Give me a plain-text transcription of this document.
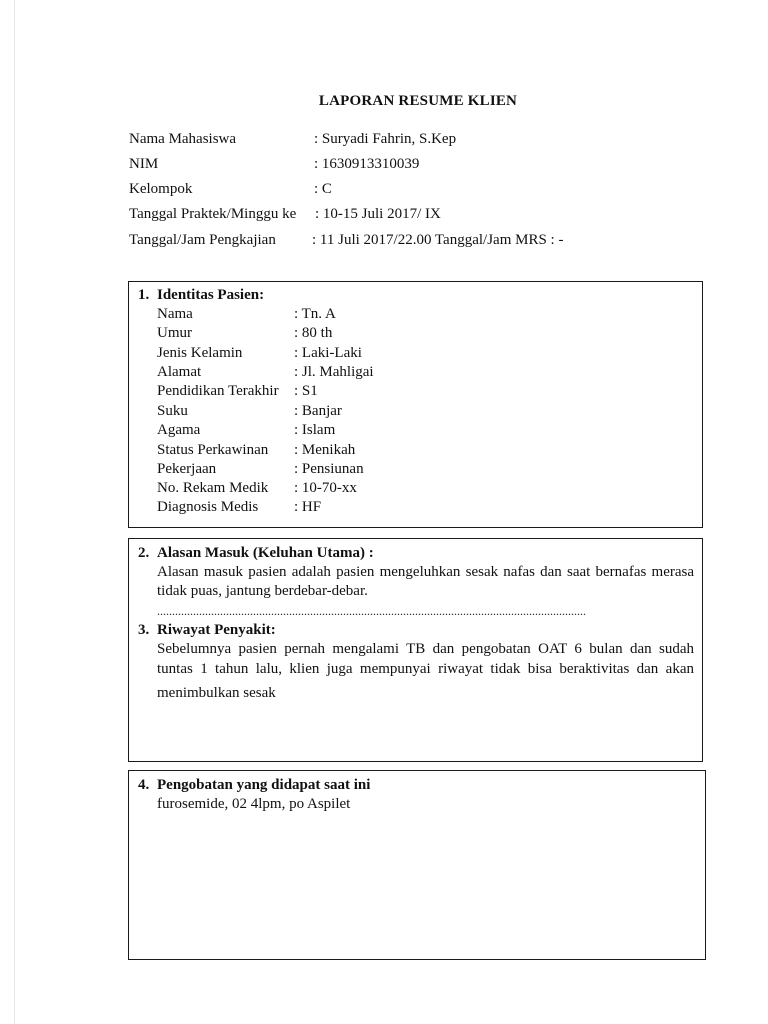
LAPORAN RESUME KLIEN
Nama Mahasiswa	: Suryadi Fahrin, S.Kep
NIM	: 1630913310039
Kelompok	: C
Tanggal Praktek/Minggu ke : 10-15 Juli 2017/ IX
Tanggal/Jam Pengkajian : 11 Juli 2017/22.00 Tanggal/Jam MRS : -
1. Identitas Pasien:
Nama	: Tn. A
Umur	: 80 th
Jenis Kelamin	: Laki-Laki
Alamat	: Jl. Mahligai
Pendidikan Terakhir : S1
Suku	: Banjar
Agama	: Islam
Status Perkawinan : Menikah
Pekerjaan	: Pensiunan
No. Rekam Medik : 10-70-xx
Diagnosis Medis : HF
2. Alasan Masuk (Keluhan Utama) :
Alasan masuk pasien adalah pasien mengeluhkan sesak nafas dan saat bernafas merasa
tidak puas, jantung berdebar-debar.
...............................................................................................................................................
3. Riwayat Penyakit:
Sebelumnya pasien pernah mengalami TB dan pengobatan OAT 6 bulan dan sudah
tuntas 1 tahun lalu, klien juga mempunyai riwayat tidak bisa beraktivitas dan akan
menimbulkan sesak
4. Pengobatan yang didapat saat ini
furosemide, 02 4lpm, po Aspilet
